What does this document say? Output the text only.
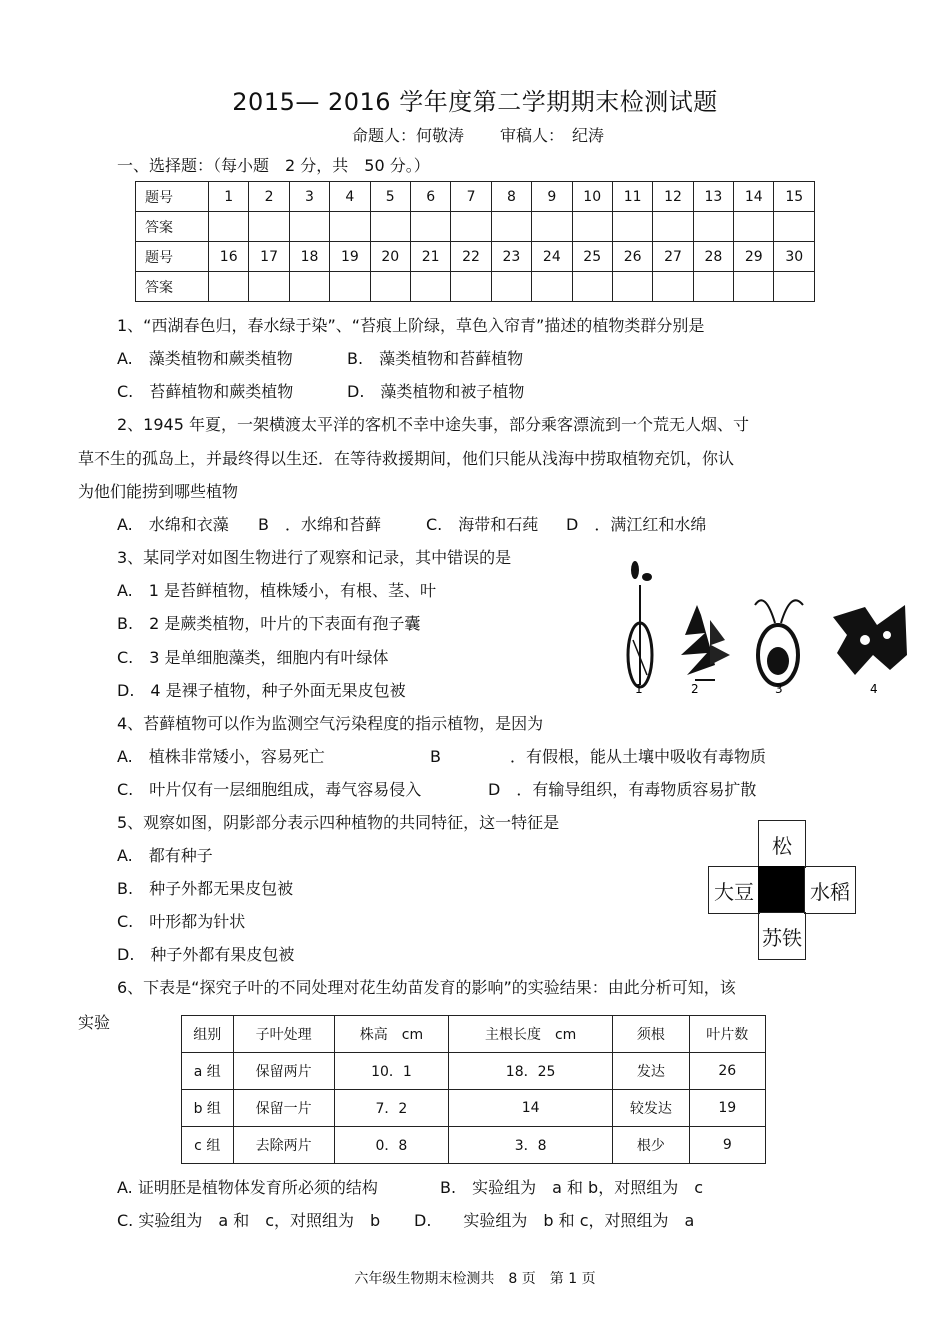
2015— 2016 学年度第二学期期末检测试题
命题人：何敬涛 审稿人：　纪涛
一、选择题：（每小题　2 分，共　50 分。）
题号	1	2	3	4	5	6	7	8	9	10	11	12	13	14	15
答案															
题号	16	17	18	19	20	21	22	23	24	25	26	27	28	29	30
答案															
1、“西湖春色归，春水绿于染”、“苔痕上阶绿，草色入帘青”描述的植物类群分别是
A.　藻类植物和蕨类植物	B.　藻类植物和苔藓植物
C.　苔藓植物和蕨类植物	D.　藻类植物和被子植物
2、1945 年夏，一架横渡太平洋的客机不幸中途失事，部分乘客漂流到一个荒无人烟、寸
草不生的孤岛上，并最终得以生还．在等待救援期间，他们只能从浅海中捞取植物充饥，你认
为他们能捞到哪些植物
A.　水绵和衣藻 B　．水绵和苔藓	C.　海带和石莼 D　．满江红和水绵
3、某同学对如图生物进行了观察和记录，其中错误的是
A.　1 是苔鲜植物，植株矮小，有根、茎、叶
B.　2 是蕨类植物，叶片的下表面有孢子囊
C.　3 是单细胞藻类，细胞内有叶绿体
D.　4 是裸子植物，种子外面无果皮包被	1	2	3	4
4、苔藓植物可以作为监测空气污染程度的指示植物，是因为
A.　植株非常矮小，容易死亡	B	．有假根，能从土壤中吸收有毒物质
C.　叶片仅有一层细胞组成，毒气容易侵入	D　．有输导组织，有毒物质容易扩散
5、观察如图，阴影部分表示四种植物的共同特征，这一特征是
A.　都有种子
B.　种子外都无果皮包被
C.　叶形都为针状
D.　种子外都有果皮包被
松
大豆	水稻
苏铁
6、下表是“探究子叶的不同处理对花生幼苗发育的影响”的实验结果：由此分析可知，该
实验
组别	子叶处理	株高　cm	主根长度　cm	须根	叶片数
a 组	保留两片	10．1	18．25	发达	26
b 组	保留一片	7．2	14	较发达	19
c 组	去除两片	0．8	3．8	根少	9
A. 证明胚是植物体发育所必须的结构	B.　实验组为　a 和 b，对照组为　c
C. 实验组为　a 和　c，对照组为　b D.　　实验组为　b 和 c，对照组为　a
六年级生物期末检测共　8 页　第 1 页
